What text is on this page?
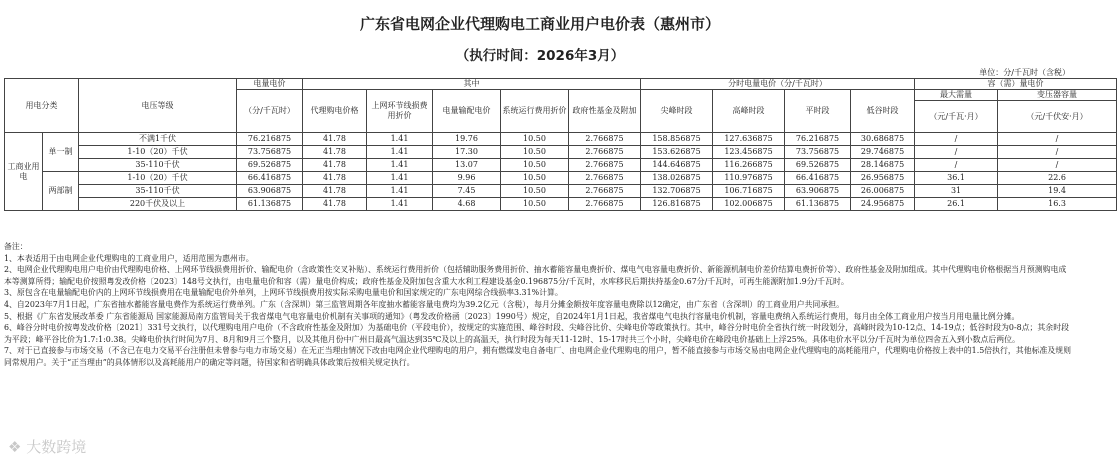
广东省电网企业代理购电工商业用户电价表（惠州市）
（执行时间：2026年3月）
单位：分/千瓦时（含税）
用电分类		电压等级	电量电价	其中					分时电量电价（分/千瓦时）				容（需）量电价	
			（分/千瓦时）	代理购电价格	上网环节线损费用折价	电量输配电价	系统运行费用折价	政府性基金及附加	尖峰时段	高峰时段	平时段	低谷时段	最大需量	变压器容量
													（元/千瓦·月）	（元/千伏安·月）
工商业用电	单一制	不满1千伏	76.216875	41.78	1.41	19.76	10.50	2.766875	158.856875	127.636875	76.216875	30.686875	/	/
		1-10（20）千伏	73.756875	41.78	1.41	17.30	10.50	2.766875	153.626875	123.456875	73.756875	29.746875	/	/
		35-110千伏	69.526875	41.78	1.41	13.07	10.50	2.766875	144.646875	116.266875	69.526875	28.146875	/	/
	两部制	1-10（20）千伏	66.416875	41.78	1.41	9.96	10.50	2.766875	138.026875	110.976875	66.416875	26.956875	36.1	22.6
		35-110千伏	63.906875	41.78	1.41	7.45	10.50	2.766875	132.706875	106.716875	63.906875	26.006875	31	19.4
		220千伏及以上	61.136875	41.78	1.41	4.68	10.50	2.766875	126.816875	102.006875	61.136875	24.956875	26.1	16.3

备注：

1、本表适用于由电网企业代理购电的工商业用户，适用范围为惠州市。

2、电网企业代理购电用户电价由代理购电价格、上网环节线损费用折价、输配电价（含政策性交叉补贴）、系统运行费用折价（包括辅助服务费用折价、抽水蓄能容量电费折价、煤电气电容量电费折价、新能源机制电价差价结算电费折价等）、政府性基金及附加组成。其中代理购电价格根据当月预测购电成本等测算所得；输配电价按照粤发改价格〔2023〕148号文执行，由电量电价和容（需）量电价构成；政府性基金及附加包含重大水利工程建设基金0.196875分/千瓦时，水库移民后期扶持基金0.67分/千瓦时，可再生能源附加1.9分/千瓦时。

3、原包含在电量输配电价内的上网环节线损费用在电量输配电价外单列，上网环节线损费用按实际采购电量电价和国家规定的广东电网综合线损率3.31%计算。

4、自2023年7月1日起，广东省抽水蓄能容量电费作为系统运行费单列。广东（含深圳）第三监管周期各年度抽水蓄能容量电费均为39.2亿元（含税），每月分摊金额按年度容量电费除以12确定，由广东省（含深圳）的工商业用户共同承担。

5、根据《广东省发展改革委 广东省能源局 国家能源局南方监管局关于我省煤电气电容量电价机制有关事项的通知》（粤发改价格函〔2023〕1990号）规定，自2024年1月1日起，我省煤电气电执行容量电价机制，容量电费纳入系统运行费用，每月由全体工商业用户按当月用电量比例分摊。

6、峰谷分时电价按粤发改价格〔2021〕331号文执行，以代理购电用户电价（不含政府性基金及附加）为基础电价（平段电价），按规定的实施范围、峰谷时段、尖峰谷比价、尖峰电价等政策执行。其中，峰谷分时电价全省执行统一时段划分，高峰时段为10-12点、14-19点；低谷时段为0-8点；其余时段为平段；峰平谷比价为1.7:1:0.38。尖峰电价执行时间为7月、8月和9月三个整月，以及其他月份中广州日最高气温达到35℃及以上的高温天，执行时段为每天11-12时、15-17时共三个小时，尖峰电价在峰段电价基础上上浮25%。具体电价水平以分/千瓦时为单位四舍五入到小数点后两位。

7、对于已直接参与市场交易（不含已在电力交易平台注册但未曾参与电力市场交易）在无正当理由情况下改由电网企业代理购电的用户，拥有燃煤发电自备电厂、由电网企业代理购电的用户，暂不能直接参与市场交易由电网企业代理购电的高耗能用户，代理购电价格按上表中的1.5倍执行，其他标准及规则同常规用户。关于“正当理由”的具体情形以及高耗能用户的确定等问题，待国家和省明确具体政策后按相关规定执行。

❖ 大数跨境
